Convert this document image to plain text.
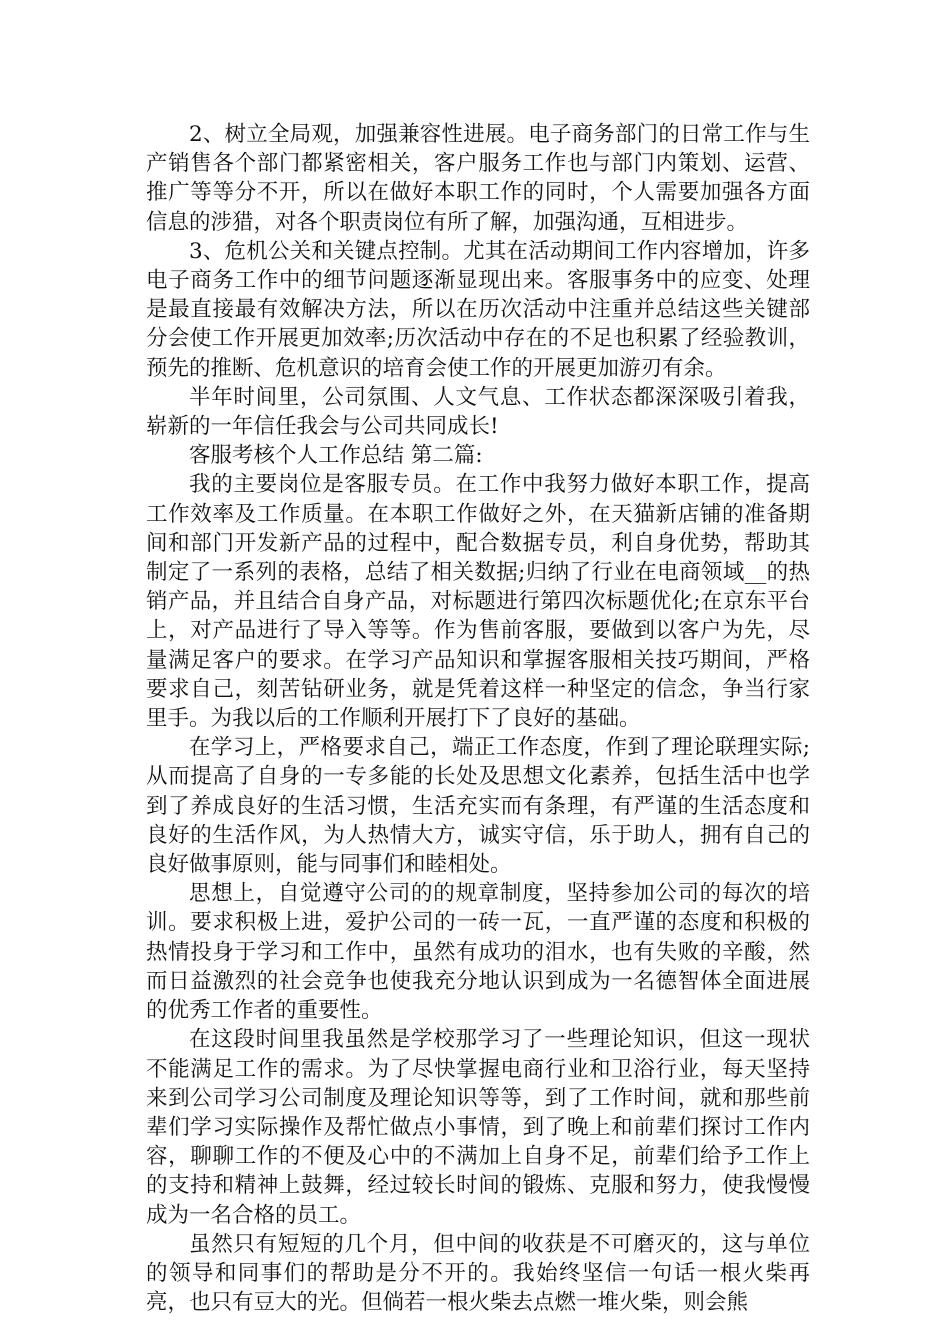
2、树立全局观，加强兼容性进展。电子商务部门的日常工作与生产销售各个部门都紧密相关，客户服务工作也与部门内策划、运营、推广等等分不开，所以在做好本职工作的同时，个人需要加强各方面信息的涉猎，对各个职责岗位有所了解，加强沟通，互相进步。

3、危机公关和关键点控制。尤其在活动期间工作内容增加，许多电子商务工作中的细节问题逐渐显现出来。客服事务中的应变、处理是最直接最有效解决方法，所以在历次活动中注重并总结这些关键部分会使工作开展更加效率;历次活动中存在的不足也积累了经验教训，预先的推断、危机意识的培育会使工作的开展更加游刃有余。

半年时间里，公司氛围、人文气息、工作状态都深深吸引着我，崭新的一年信任我会与公司共同成长!

客服考核个人工作总结 第二篇:

我的主要岗位是客服专员。在工作中我努力做好本职工作，提高工作效率及工作质量。在本职工作做好之外，在天猫新店铺的准备期间和部门开发新产品的过程中，配合数据专员，利自身优势，帮助其制定了一系列的表格，总结了相关数据;归纳了行业在电商领域__的热销产品，并且结合自身产品，对标题进行第四次标题优化;在京东平台上，对产品进行了导入等等。作为售前客服，要做到以客户为先，尽量满足客户的要求。在学习产品知识和掌握客服相关技巧期间，严格要求自己，刻苦钻研业务，就是凭着这样一种坚定的信念，争当行家里手。为我以后的工作顺利开展打下了良好的基础。

在学习上，严格要求自己，端正工作态度，作到了理论联理实际;从而提高了自身的一专多能的长处及思想文化素养，包括生活中也学到了养成良好的生活习惯，生活充实而有条理，有严谨的生活态度和良好的生活作风，为人热情大方，诚实守信，乐于助人，拥有自己的良好做事原则，能与同事们和睦相处。

思想上，自觉遵守公司的的规章制度，坚持参加公司的每次的培训。要求积极上进，爱护公司的一砖一瓦，一直严谨的态度和积极的热情投身于学习和工作中，虽然有成功的泪水，也有失败的辛酸，然而日益激烈的社会竞争也使我充分地认识到成为一名德智体全面进展的优秀工作者的重要性。

在这段时间里我虽然是学校那学习了一些理论知识，但这一现状不能满足工作的需求。为了尽快掌握电商行业和卫浴行业，每天坚持来到公司学习公司制度及理论知识等等，到了工作时间，就和那些前辈们学习实际操作及帮忙做点小事情，到了晚上和前辈们探讨工作内容，聊聊工作的不便及心中的不满加上自身不足，前辈们给予工作上的支持和精神上鼓舞，经过较长时间的锻炼、克服和努力，使我慢慢成为一名合格的员工。

虽然只有短短的几个月，但中间的收获是不可磨灭的，这与单位的领导和同事们的帮助是分不开的。我始终坚信一句话一根火柴再亮，也只有豆大的光。但倘若一根火柴去点燃一堆火柴，则会熊
